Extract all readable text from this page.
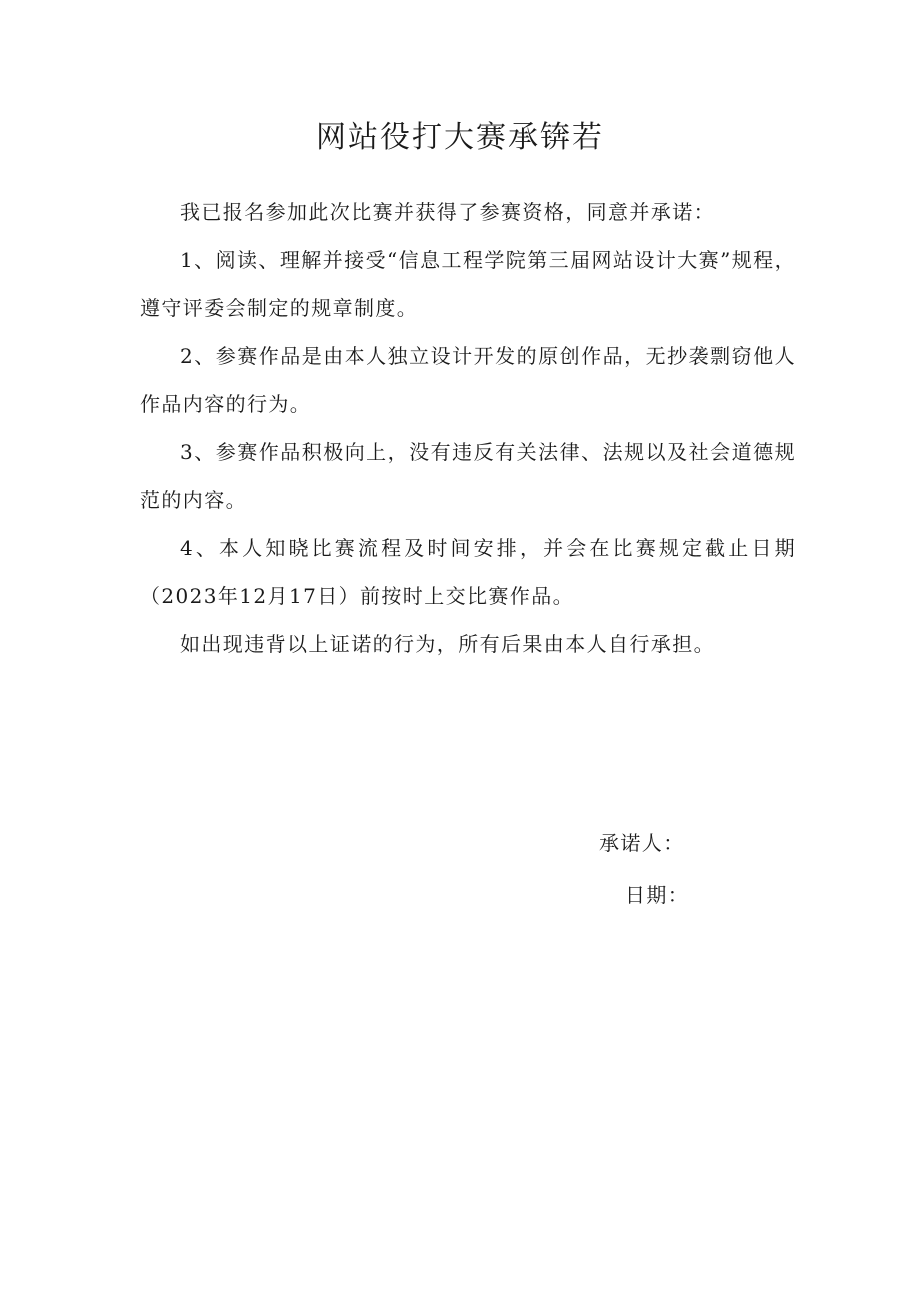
网站役打大赛承锛若

我已报名参加此次比赛并获得了参赛资格，同意并承诺：

1、阅读、理解并接受“信息工程学院第三届网站设计大赛”规程，遵守评委会制定的规章制度。

2、参赛作品是由本人独立设计开发的原创作品，无抄袭剽窃他人作品内容的行为。

3、参赛作品积极向上，没有违反有关法律、法规以及社会道德规范的内容。

4、本人知晓比赛流程及时间安排，并会在比赛规定截止日期（2023年12月17日）前按时上交比赛作品。

如出现违背以上证诺的行为，所有后果由本人自行承担。

承诺人：
日期：
